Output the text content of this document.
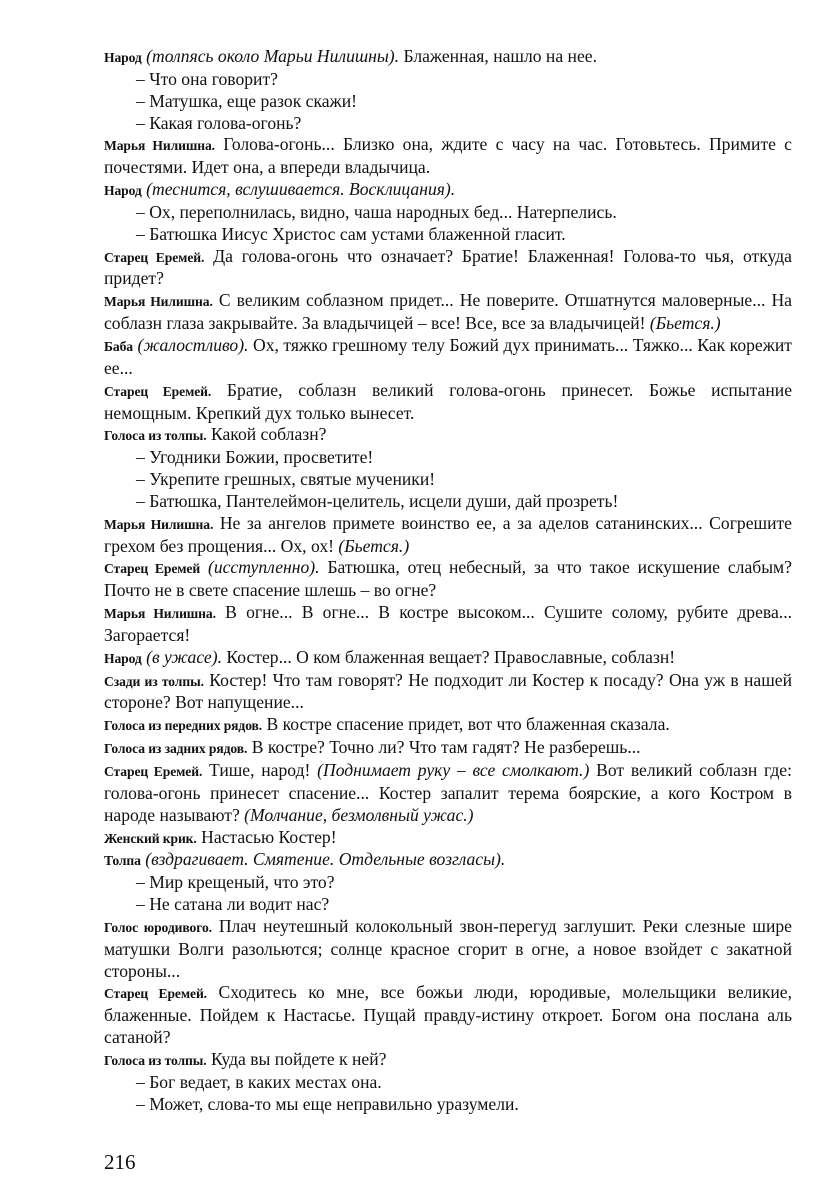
Народ (толпясь около Марьи Нилишны). Блаженная, нашло на нее.

– Что она говорит?

– Матушка, еще разок скажи!

– Какая голова-огонь?

Марья Нилишна. Голова-огонь... Близко она, ждите с часу на час. Готовьтесь. Примите с почестями. Идет она, а впереди владычица.

Народ (теснится, вслушивается. Восклицания).

– Ох, переполнилась, видно, чаша народных бед... Натерпелись.

– Батюшка Иисус Христос сам устами блаженной гласит.

Старец Еремей. Да голова-огонь что означает? Братие! Блаженная! Голова-то чья, откуда придет?

Марья Нилишна. С великим соблазном придет... Не поверите. Отшатнутся маловерные... На соблазн глаза закрывайте. За владычицей – все! Все, все за владычицей! (Бьется.)

Баба (жалостливо). Ох, тяжко грешному телу Божий дух принимать... Тяжко... Как корежит ее...

Старец Еремей. Братие, соблазн великий голова-огонь принесет. Божье испытание немощным. Крепкий дух только вынесет.

Голоса из толпы. Какой соблазн?

– Угодники Божии, просветите!

– Укрепите грешных, святые мученики!

– Батюшка, Пантелеймон-целитель, исцели души, дай прозреть!

Марья Нилишна. Не за ангелов примете воинство ее, а за аделов сатанинских... Согрешите грехом без прощения... Ох, ох! (Бьется.)

Старец Еремей (исступленно). Батюшка, отец небесный, за что такое искушение слабым? Почто не в свете спасение шлешь – во огне?

Марья Нилишна. В огне... В огне... В костре высоком... Сушите солому, рубите древа... Загорается!

Народ (в ужасе). Костер... О ком блаженная вещает? Православные, соблазн!

Сзади из толпы. Костер! Что там говорят? Не подходит ли Костер к посаду? Она уж в нашей стороне? Вот напущение...

Голоса из передних рядов. В костре спасение придет, вот что блаженная сказала.

Голоса из задних рядов. В костре? Точно ли? Что там гадят? Не разберешь...

Старец Еремей. Тише, народ! (Поднимает руку – все смолкают.) Вот великий соблазн где: голова-огонь принесет спасение... Костер запалит терема боярские, а кого Костром в народе называют? (Молчание, безмолвный ужас.)

Женский крик. Настасью Костер!

Толпа (вздрагивает. Смятение. Отдельные возгласы).

– Мир крещеный, что это?

– Не сатана ли водит нас?

Голос юродивого. Плач неутешный колокольный звон-перегуд заглушит. Реки слезные шире матушки Волги разольются; солнце красное сгорит в огне, а новое взойдет с закатной стороны...

Старец Еремей. Сходитесь ко мне, все божьи люди, юродивые, молельщики великие, блаженные. Пойдем к Настасье. Пущай правду-истину откроет. Богом она послана аль сатаной?

Голоса из толпы. Куда вы пойдете к ней?

– Бог ведает, в каких местах она.

– Может, слова-то мы еще неправильно уразумели.

216
